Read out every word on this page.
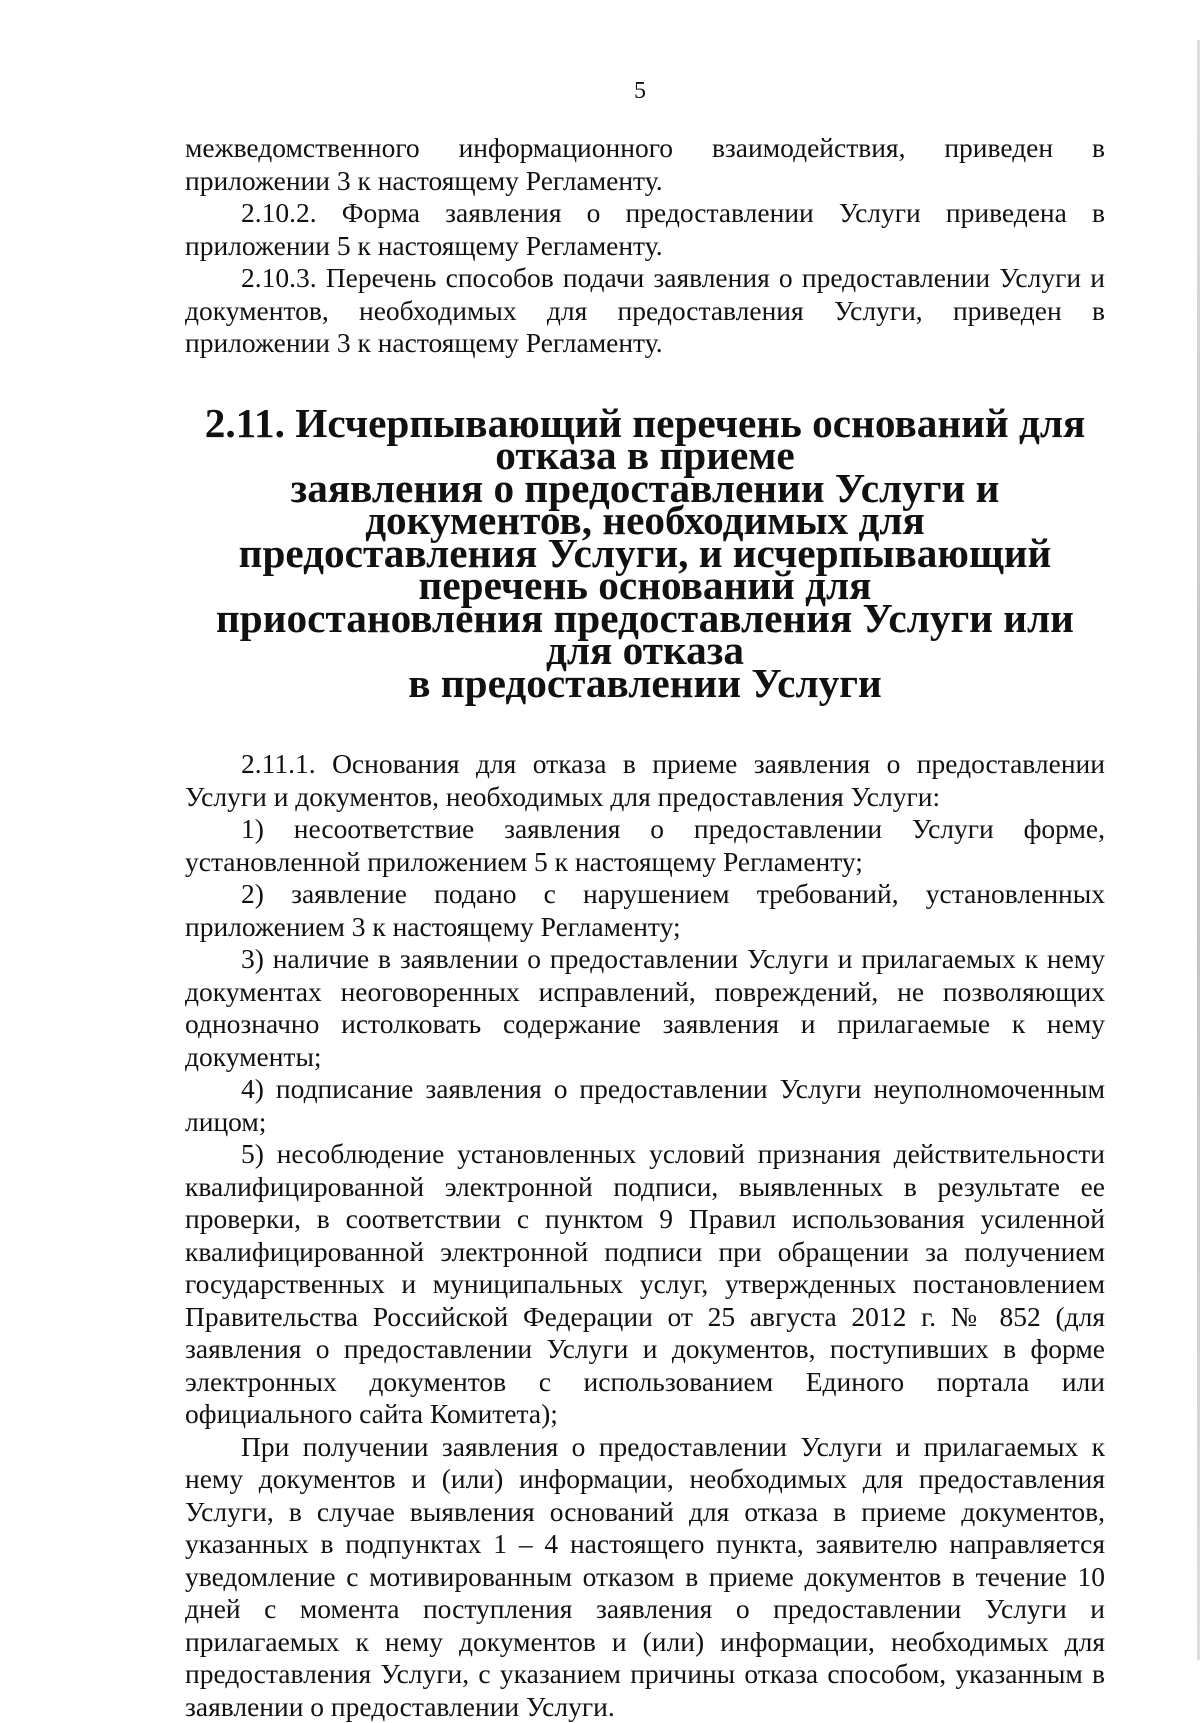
5

межведомственного информационного взаимодействия, приведен в приложении 3 к настоящему Регламенту.

2.10.2. Форма заявления о предоставлении Услуги приведена в приложении 5 к настоящему Регламенту.

2.10.3. Перечень способов подачи заявления о предоставлении Услуги и документов, необходимых для предоставления Услуги, приведен в приложении 3 к настоящему Регламенту.

2.11. Исчерпывающий перечень оснований для отказа в приеме
заявления о предоставлении Услуги и документов, необходимых для
предоставления Услуги, и исчерпывающий перечень оснований для
приостановления предоставления Услуги или для отказа
в предоставлении Услуги

2.11.1. Основания для отказа в приеме заявления о предоставлении Услуги и документов, необходимых для предоставления Услуги:

1) несоответствие заявления о предоставлении Услуги форме, установленной приложением 5 к настоящему Регламенту;

2) заявление подано с нарушением требований, установленных приложением 3 к настоящему Регламенту;

3) наличие в заявлении о предоставлении Услуги и прилагаемых к нему документах неоговоренных исправлений, повреждений, не позволяющих однозначно истолковать содержание заявления и прилагаемые к нему документы;

4) подписание заявления о предоставлении Услуги неуполномоченным лицом;

5) несоблюдение установленных условий признания действительности квалифицированной электронной подписи, выявленных в результате ее проверки, в соответствии с пунктом 9 Правил использования усиленной квалифицированной электронной подписи при обращении за получением государственных и муниципальных услуг, утвержденных постановлением Правительства Российской Федерации от 25 августа 2012 г. № 852 (для заявления о предоставлении Услуги и документов, поступивших в форме электронных документов с использованием Единого портала или официального сайта Комитета);

При получении заявления о предоставлении Услуги и прилагаемых к нему документов и (или) информации, необходимых для предоставления Услуги, в случае выявления оснований для отказа в приеме документов, указанных в подпунктах 1 – 4 настоящего пункта, заявителю направляется уведомление с мотивированным отказом в приеме документов в течение 10 дней с момента поступления заявления о предоставлении Услуги и прилагаемых к нему документов и (или) информации, необходимых для предоставления Услуги, с указанием причины отказа способом, указанным в заявлении о предоставлении Услуги.
